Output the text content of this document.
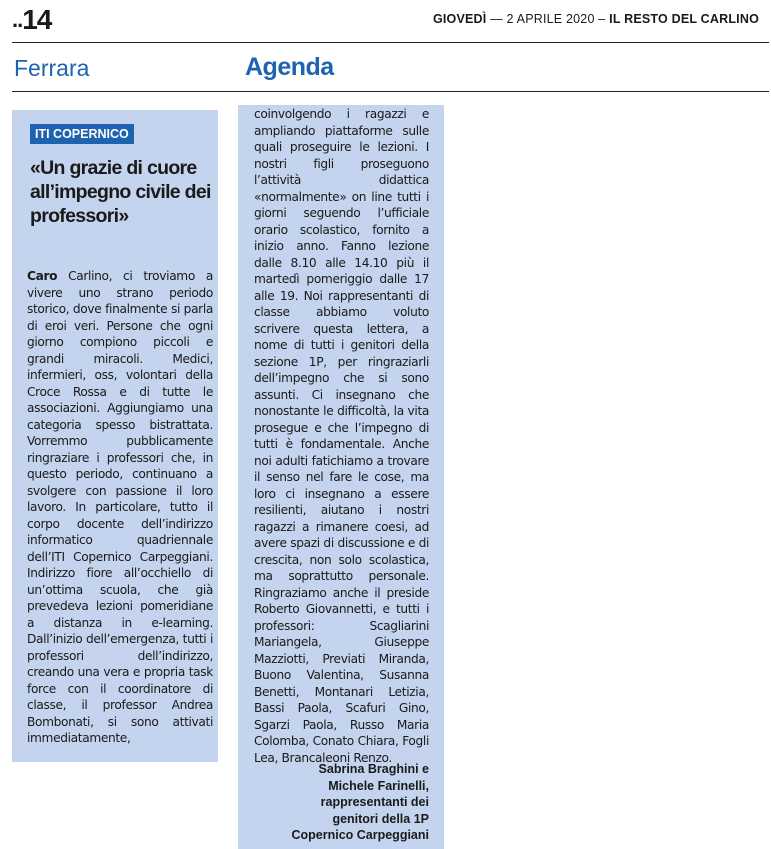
..14	GIOVEDÌ — 2 APRILE 2020 – IL RESTO DEL CARLINO
Ferrara	Agenda
ITI COPERNICO
«Un grazie di cuore all’impegno civile dei professori»
Caro Carlino, ci troviamo a vivere uno strano periodo storico, dove finalmente si parla di eroi veri. Persone che ogni giorno compiono piccoli e grandi miracoli. Medici, infermieri, oss, volontari della Croce Rossa e di tutte le associazioni. Aggiungiamo una categoria spesso bistrattata. Vorremmo pubblicamente ringraziare i professori che, in questo periodo, continuano a svolgere con passione il loro lavoro. In particolare, tutto il corpo docente dell’indirizzo informatico quadriennale dell’ITI Copernico Carpeggiani. Indirizzo fiore all’occhiello di un’ottima scuola, che già prevedeva lezioni pomeridiane a distanza in e-learning. Dall’inizio dell’emergenza, tutti i professori dell’indirizzo, creando una vera e propria task force con il coordinatore di classe, il professor Andrea Bombonati, si sono attivati immediatamente,
coinvolgendo i ragazzi e ampliando piattaforme sulle quali proseguire le lezioni. I nostri figli proseguono l’attività didattica «normalmente» on line tutti i giorni seguendo l’ufficiale orario scolastico, fornito a inizio anno. Fanno lezione dalle 8.10 alle 14.10 più il martedì pomeriggio dalle 17 alle 19. Noi rappresentanti di classe abbiamo voluto scrivere questa lettera, a nome di tutti i genitori della sezione 1P, per ringraziarli dell’impegno che si sono assunti. Ci insegnano che nonostante le difficoltà, la vita prosegue e che l’impegno di tutti è fondamentale. Anche noi adulti fatichiamo a trovare il senso nel fare le cose, ma loro ci insegnano a essere resilienti, aiutano i nostri ragazzi a rimanere coesi, ad avere spazi di discussione e di crescita, non solo scolastica, ma soprattutto personale. Ringraziamo anche il preside Roberto Giovannetti, e tutti i professori: Scagliarini Mariangela, Giuseppe Mazziotti, Previati Miranda, Buono Valentina, Susanna Benetti, Montanari Letizia, Bassi Paola, Scafuri Gino, Sgarzi Paola, Russo Maria Colomba, Conato Chiara, Fogli Lea, Brancaleoni Renzo.
Sabrina Braghini e
Michele Farinelli,
rappresentanti dei
genitori della 1P
Copernico Carpeggiani
